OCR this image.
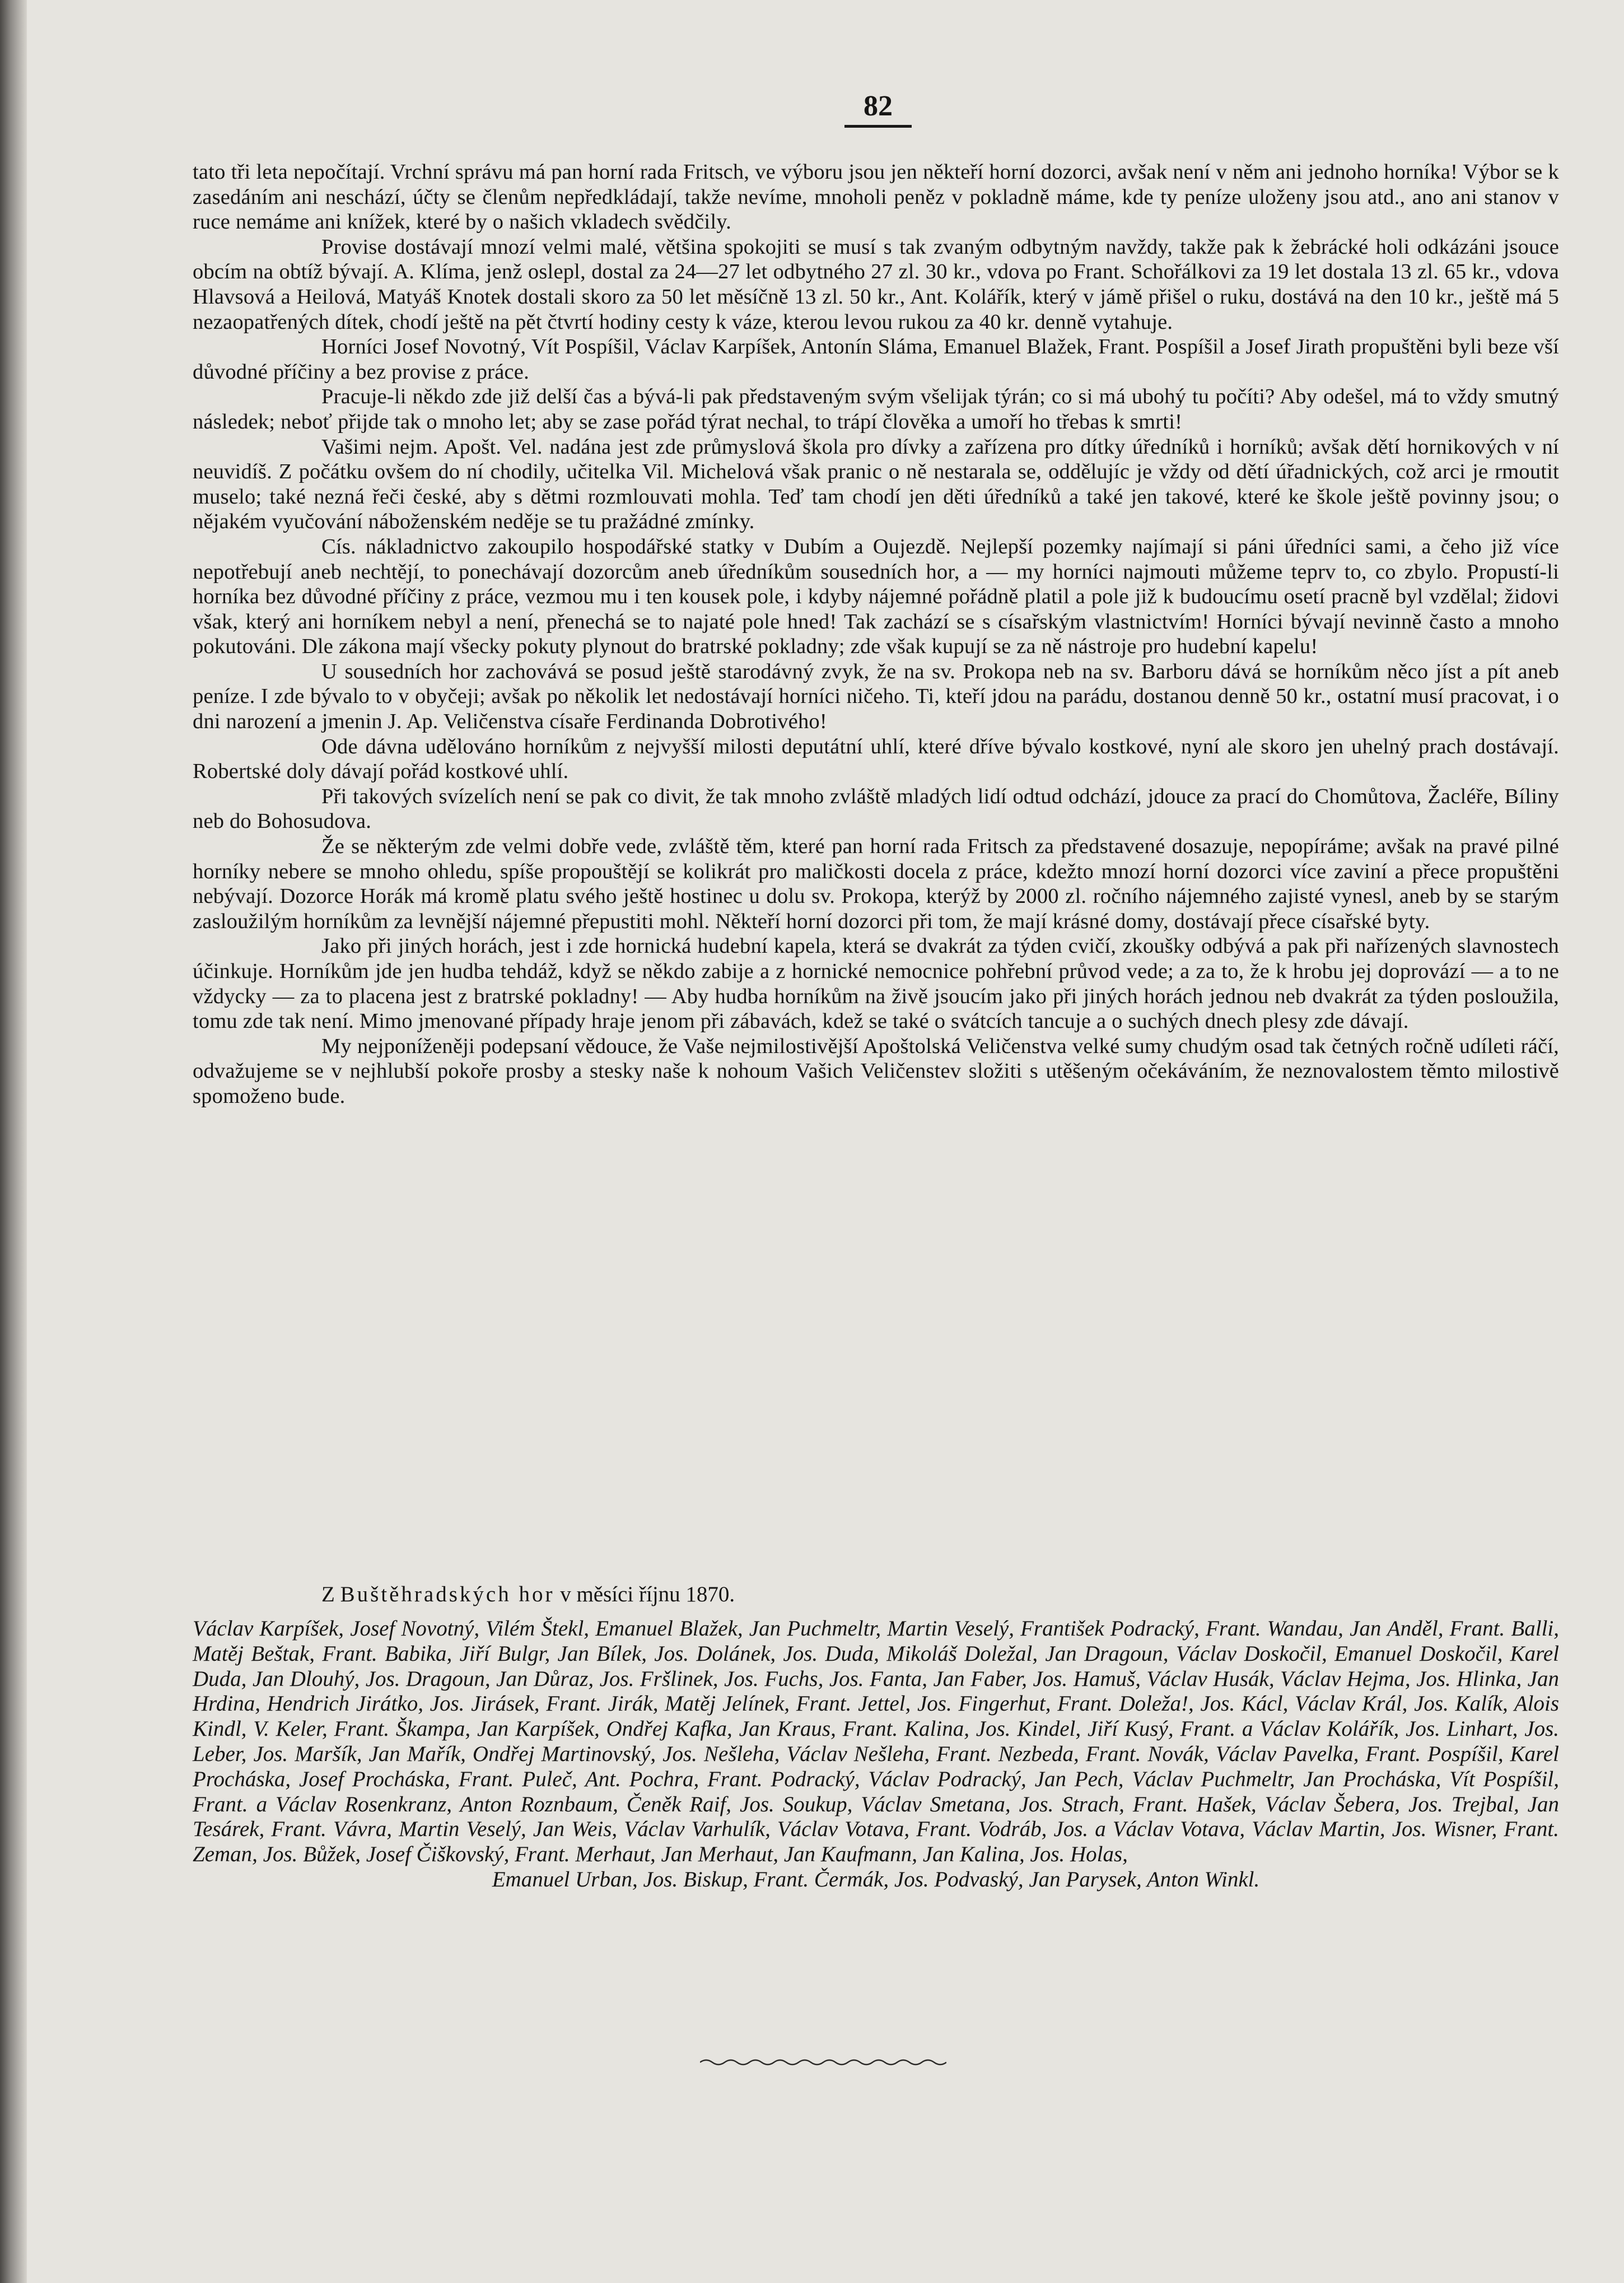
82

tato tři leta nepočítají. Vrchní správu má pan horní rada Fritsch, ve výboru jsou jen někteří horní dozorci, avšak není v něm ani jednoho horníka! Výbor se k zasedáním ani neschází, účty se členům nepředkládají, takže nevíme, mnoholi peněz v pokladně máme, kde ty peníze uloženy jsou atd., ano ani stanov v ruce nemáme ani knížek, které by o našich vkladech svědčily.

Provise dostávají mnozí velmi malé, většina spokojiti se musí s tak zvaným odbytným navždy, takže pak k žebrácké holi odkázáni jsouce obcím na obtíž bývají. A. Klíma, jenž oslepl, dostal za 24—27 let odbytného 27 zl. 30 kr., vdova po Frant. Schořálkovi za 19 let dostala 13 zl. 65 kr., vdova Hlavsová a Heilová, Matyáš Knotek dostali skoro za 50 let měsíčně 13 zl. 50 kr., Ant. Kolářík, který v jámě přišel o ruku, dostává na den 10 kr., ještě má 5 nezaopatřených dítek, chodí ještě na pět čtvrtí hodiny cesty k váze, kterou levou rukou za 40 kr. denně vytahuje.

Horníci Josef Novotný, Vít Pospíšil, Václav Karpíšek, Antonín Sláma, Emanuel Blažek, Frant. Pospíšil a Josef Jirath propuštěni byli beze vší důvodné příčiny a bez provise z práce.

Pracuje-li někdo zde již delší čas a bývá-li pak představeným svým všelijak týrán; co si má ubohý tu počíti? Aby odešel, má to vždy smutný následek; neboť přijde tak o mnoho let; aby se zase pořád týrat nechal, to trápí člověka a umoří ho třebas k smrti!

Vašimi nejm. Apošt. Vel. nadána jest zde průmyslová škola pro dívky a zařízena pro dítky úředníků i horníků; avšak dětí hornikových v ní neuvidíš. Z počátku ovšem do ní chodily, učitelka Vil. Michelová však pranic o ně nestarala se, oddělujíc je vždy od dětí úřadnických, což arci je rmoutit muselo; také nezná řeči české, aby s dětmi rozmlouvati mohla. Teď tam chodí jen děti úředníků a také jen takové, které ke škole ještě povinny jsou; o nějakém vyučování náboženském neděje se tu pražádné zmínky.

Cís. nákladnictvo zakoupilo hospodářské statky v Dubím a Oujezdě. Nejlepší pozemky najímají si páni úředníci sami, a čeho již více nepotřebují aneb nechtějí, to ponechávají dozorcům aneb úředníkům sousedních hor, a — my horníci najmouti můžeme teprv to, co zbylo. Propustí-li horníka bez důvodné příčiny z práce, vezmou mu i ten kousek pole, i kdyby nájemné pořádně platil a pole již k budoucímu osetí pracně byl vzdělal; židovi však, který ani horníkem nebyl a není, přenechá se to najaté pole hned! Tak zachází se s císařským vlastnictvím! Horníci bývají nevinně často a mnoho pokutováni. Dle zákona mají všecky pokuty plynout do bratrské pokladny; zde však kupují se za ně nástroje pro hudební kapelu!

U sousedních hor zachovává se posud ještě starodávný zvyk, že na sv. Prokopa neb na sv. Barboru dává se horníkům něco jíst a pít aneb peníze. I zde bývalo to v obyčeji; avšak po několik let nedostávají horníci ničeho. Ti, kteří jdou na parádu, dostanou denně 50 kr., ostatní musí pracovat, i o dni narození a jmenin J. Ap. Veličenstva císaře Ferdinanda Dobrotivého!

Ode dávna udělováno horníkům z nejvyšší milosti deputátní uhlí, které dříve bývalo kostkové, nyní ale skoro jen uhelný prach dostávají. Robertské doly dávají pořád kostkové uhlí.

Při takových svízelích není se pak co divit, že tak mnoho zvláště mladých lidí odtud odchází, jdouce za prací do Chomůtova, Žacléře, Bíliny neb do Bohosudova.

Že se některým zde velmi dobře vede, zvláště těm, které pan horní rada Fritsch za představené dosazuje, nepopíráme; avšak na pravé pilné horníky nebere se mnoho ohledu, spíše propouštějí se kolikrát pro maličkosti docela z práce, kdežto mnozí horní dozorci více zaviní a přece propuštěni nebývají. Dozorce Horák má kromě platu svého ještě hostinec u dolu sv. Prokopa, kterýž by 2000 zl. ročního nájemného zajisté vynesl, aneb by se starým zasloužilým horníkům za levnější nájemné přepustiti mohl. Někteří horní dozorci při tom, že mají krásné domy, dostávají přece císařské byty.

Jako při jiných horách, jest i zde hornická hudební kapela, která se dvakrát za týden cvičí, zkoušky odbývá a pak při nařízených slavnostech účinkuje. Horníkům jde jen hudba tehdáž, když se někdo zabije a z hornické nemocnice pohřební průvod vede; a za to, že k hrobu jej doprovází — a to ne vždycky — za to placena jest z bratrské pokladny! — Aby hudba horníkům na živě jsoucím jako při jiných horách jednou neb dvakrát za týden posloužila, tomu zde tak není. Mimo jmenované případy hraje jenom při zábavách, kdež se také o svátcích tancuje a o suchých dnech plesy zde dávají.

My nejponíženěji podepsaní vědouce, že Vaše nejmilostivější Apoštolská Veličenstva velké sumy chudým osad tak četných ročně udíleti ráčí, odvažujeme se v nejhlubší pokoře prosby a stesky naše k nohoum Vašich Veličenstev složiti s utěšeným očekáváním, že neznovalostem těmto milostivě spomoženo bude.

Z Buštěhradských hor v měsíci říjnu 1870.
Václav Karpíšek, Josef Novotný, Vilém Štekl, Emanuel Blažek, Jan Puchmeltr, Martin Veselý, František Podracký, Frant. Wandau, Jan Anděl, Frant. Balli, Matěj Beštak, Frant. Babika, Jiří Bulgr, Jan Bílek, Jos. Dolánek, Jos. Duda, Mikoláš Doležal, Jan Dragoun, Václav Doskočil, Emanuel Doskočil, Karel Duda, Jan Dlouhý, Jos. Dragoun, Jan Důraz, Jos. Fršlinek, Jos. Fuchs, Jos. Fanta, Jan Faber, Jos. Hamuš, Václav Husák, Václav Hejma, Jos. Hlinka, Jan Hrdina, Hendrich Jirátko, Jos. Jirásek, Frant. Jirák, Matěj Jelínek, Frant. Jettel, Jos. Fingerhut, Frant. Doleža!, Jos. Kácl, Václav Král, Jos. Kalík, Alois Kindl, V. Keler, Frant. Škampa, Jan Karpíšek, Ondřej Kafka, Jan Kraus, Frant. Kalina, Jos. Kindel, Jiří Kusý, Frant. a Václav Kolářík, Jos. Linhart, Jos. Leber, Jos. Maršík, Jan Mařík, Ondřej Martinovský, Jos. Nešleha, Václav Nešleha, Frant. Nezbeda, Frant. Novák, Václav Pavelka, Frant. Pospíšil, Karel Procháska, Josef Procháska, Frant. Puleč, Ant. Pochra, Frant. Podracký, Václav Podracký, Jan Pech, Václav Puchmeltr, Jan Procháska, Vít Pospíšil, Frant. a Václav Rosenkranz, Anton Roznbaum, Čeněk Raif, Jos. Soukup, Václav Smetana, Jos. Strach, Frant. Hašek, Václav Šebera, Jos. Trejbal, Jan Tesárek, Frant. Vávra, Martin Veselý, Jan Weis, Václav Varhulík, Václav Votava, Frant. Vodráb, Jos. a Václav Votava, Václav Martin, Jos. Wisner, Frant. Zeman, Jos. Bůžek, Josef Čiškovský, Frant. Merhaut, Jan Merhaut, Jan Kaufmann, Jan Kalina, Jos. Holas,
Emanuel Urban, Jos. Biskup, Frant. Čermák, Jos. Podvaský, Jan Parysek, Anton Winkl.
